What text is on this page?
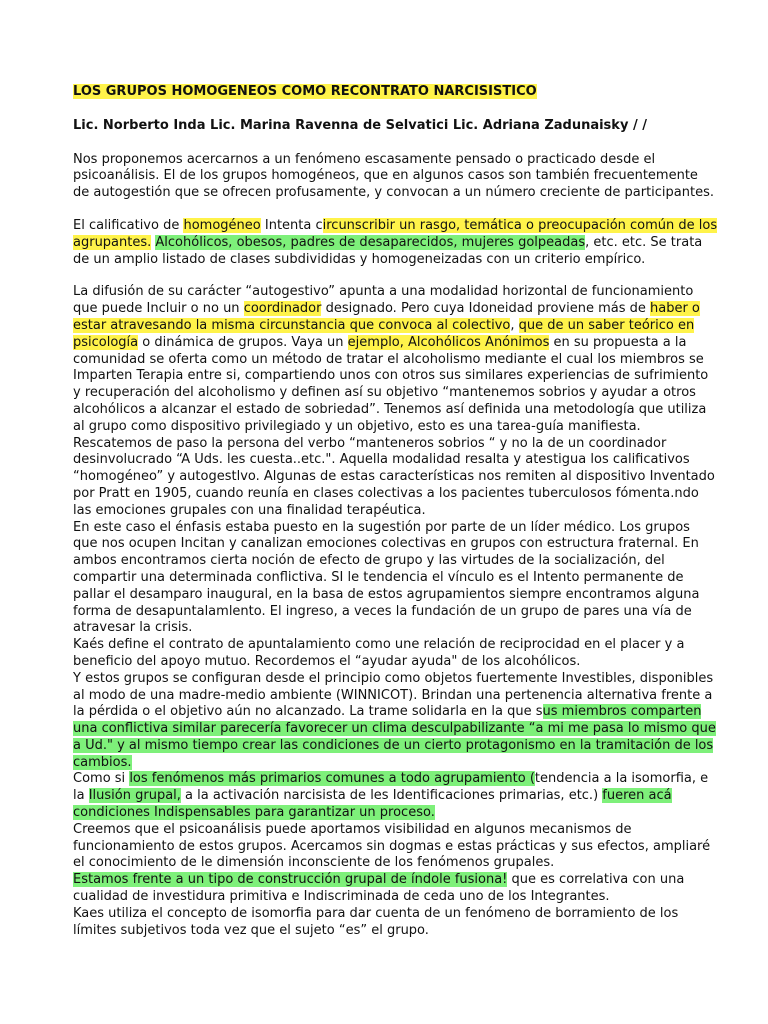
LOS GRUPOS HOMOGENEOS COMO RECONTRATO NARCISISTICO

Lic. Norberto Inda Lic. Marina Ravenna de Selvatici Lic. Adriana Zadunaisky / /

Nos proponemos acercarnos a un fenómeno escasamente pensado o practicado desde el psicoanálisis. El de los grupos homogéneos, que en algunos casos son también frecuentemente de autogestión que se ofrecen profusamente, y convocan a un número creciente de participantes.

El calificativo de homogéneo Intenta circunscribir un rasgo, temática o preocupación común de los agrupantes. Alcohólicos, obesos, padres de desaparecidos, mujeres golpeadas, etc. etc. Se trata de un amplio listado de clases subdivididas y homogeneizadas con un criterio empírico.

La difusión de su carácter “autogestivo” apunta a una modalidad horizontal de funcionamiento que puede Incluir o no un coordinador designado. Pero cuya Idoneidad proviene más de haber o estar atravesando la misma circunstancia que convoca al colectivo, que de un saber teórico en psicología o dinámica de grupos. Vaya un ejemplo, Alcohólicos Anónimos en su propuesta a la comunidad se oferta como un método de tratar el alcoholismo mediante el cual los miembros se Imparten Terapia entre si, compartiendo unos con otros sus similares experiencias de sufrimiento y recuperación del alcoholismo y definen así su objetivo “mantenemos sobrios y ayudar a otros alcohólicos a alcanzar el estado de sobriedad”. Tenemos así definida una metodología que utiliza al grupo como dispositivo privilegiado y un objetivo, esto es una tarea-guía manifiesta.

Rescatemos de paso la persona del verbo “manteneros sobrios “ y no la de un coordinador desinvolucrado “A Uds. les cuesta..etc.". Aquella modalidad resalta y atestigua los calificativos “homogéneo” y autogestlvo. Algunas de estas características nos remiten al dispositivo Inventado por Pratt en 1905, cuando reunía en clases colectivas a los pacientes tuberculosos fómenta.ndo las emociones grupales con una finalidad terapéutica.

En este caso el énfasis estaba puesto en la sugestión por parte de un líder médico. Los grupos que nos ocupen Incitan y canalizan emociones colectivas en grupos con estructura fraternal. En ambos encontramos cierta noción de efecto de grupo y las virtudes de la socialización, del compartir una determinada conflictiva. SI le tendencia el vínculo es el Intento permanente de pallar el desamparo inaugural, en la basa de estos agrupamientos siempre encontramos alguna forma de desapuntalamlento. El ingreso, a veces la fundación de un grupo de pares una vía de atravesar la crisis.

Kaés define el contrato de apuntalamiento como une relación de reciprocidad en el placer y a beneficio del apoyo mutuo. Recordemos el “ayudar ayuda" de los alcohólicos.

Y estos grupos se configuran desde el principio como objetos fuertemente Investibles, disponibles al modo de una madre-medio ambiente (WINNICOT). Brindan una pertenencia alternativa frente a la pérdida o el objetivo aún no alcanzado. La trame solidarla en la que sus miembros comparten una conflictiva similar parecería favorecer un clima desculpabilizante “a mi me pasa lo mismo que a Ud." y al mismo tiempo crear las condiciones de un cierto protagonismo en la tramitación de los cambios.

Como si los fenómenos más primarios comunes a todo agrupamiento (tendencia a la isomorfia, e la Ilusión grupal, a la activación narcisista de les Identificaciones primarias, etc.) fueren acá condiciones Indispensables para garantizar un proceso.

Creemos que el psicoanálisis puede aportamos visibilidad en algunos mecanismos de funcionamiento de estos grupos. Acercamos sin dogmas e estas prácticas y sus efectos, ampliaré el conocimiento de le dimensión inconsciente de los fenómenos grupales.

Estamos frente a un tipo de construcción grupal de índole fusiona! que es correlativa con una cualidad de investidura primitiva e Indiscriminada de ceda uno de los Integrantes.

Kaes utiliza el concepto de isomorfia para dar cuenta de un fenómeno de borramiento de los límites subjetivos toda vez que el sujeto “es” el grupo.
